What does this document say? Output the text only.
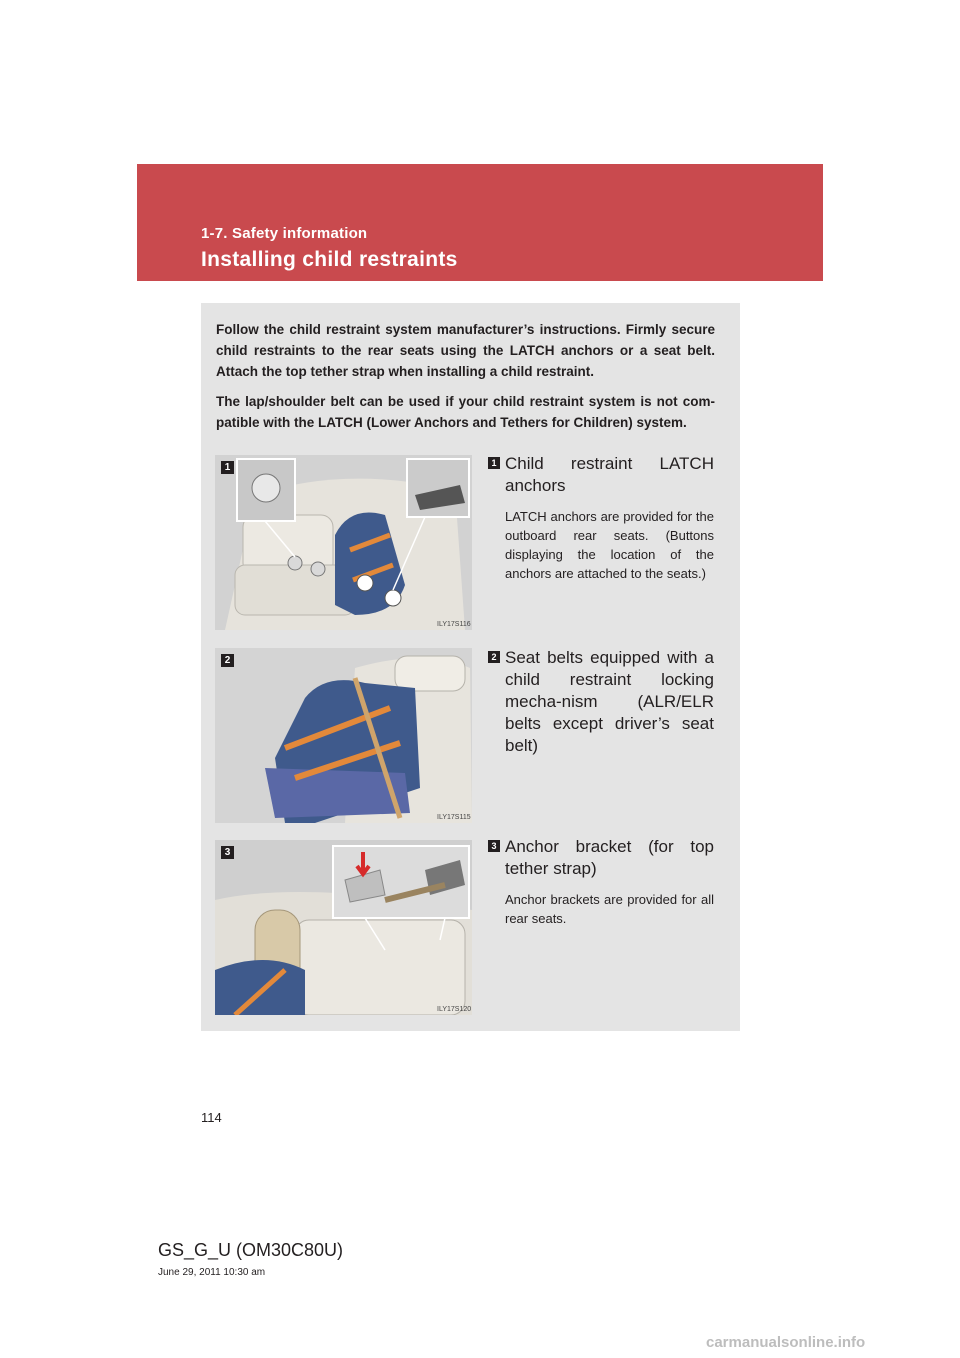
1-7. Safety information
Installing child restraints

Follow the child restraint system manufacturer’s instructions. Firmly secure child restraints to the rear seats using the LATCH anchors or a seat belt. Attach the top tether strap when installing a child restraint.

The lap/shoulder belt can be used if your child restraint system is not com-patible with the LATCH (Lower Anchors and Tethers for Children) system.

ILY17S116
1	1 Child restraint LATCH anchors
LATCH anchors are provided for the outboard rear seats. (Buttons displaying the location of the anchors are attached to the seats.)
ILY17S115
2	2 Seat belts equipped with a child restraint locking mecha-nism (ALR/ELR belts except driver’s seat belt)
ILY17S120
3
3 Anchor bracket (for top tether strap)
Anchor brackets are provided for all rear seats.
114
GS_G_U (OM30C80U)
June 29, 2011 10:30 am
carmanualsonline.info
